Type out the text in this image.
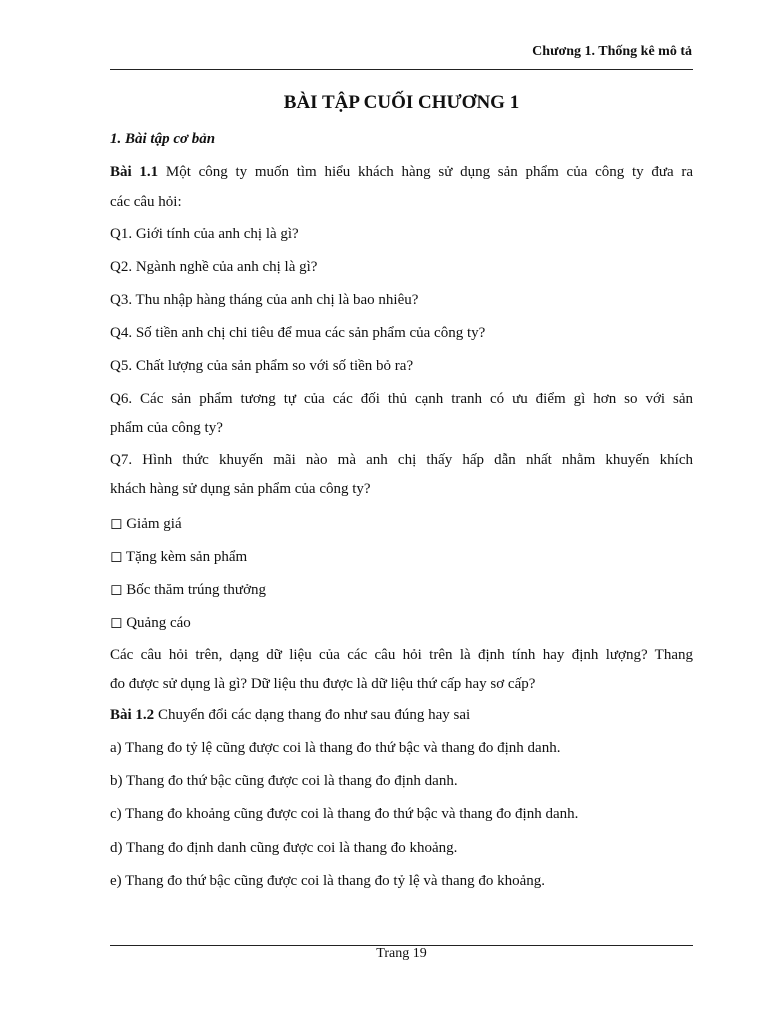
Chương 1. Thống kê mô tả
BÀI TẬP CUỐI CHƯƠNG 1
1. Bài tập cơ bản
Bài 1.1 Một công ty muốn tìm hiểu khách hàng sử dụng sản phẩm của công ty đưa ra
các câu hỏi:
Q1. Giới tính của anh chị là gì?
Q2. Ngành nghề của anh chị là gì?
Q3. Thu nhập hàng tháng của anh chị là bao nhiêu?
Q4. Số tiền anh chị chi tiêu để mua các sản phẩm của công ty?
Q5. Chất lượng của sản phẩm so với số tiền bỏ ra?
Q6. Các sản phẩm tương tự của các đối thủ cạnh tranh có ưu điểm gì hơn so với sản
phẩm của công ty?
Q7. Hình thức khuyến mãi nào mà anh chị thấy hấp dẫn nhất nhằm khuyến khích
khách hàng sử dụng sản phẩm của công ty?
◻ Giảm giá
◻ Tặng kèm sản phẩm
◻ Bốc thăm trúng thưởng
◻ Quảng cáo
Các câu hỏi trên, dạng dữ liệu của các câu hỏi trên là định tính hay định lượng? Thang
đo được sử dụng là gì? Dữ liệu thu được là dữ liệu thứ cấp hay sơ cấp?
Bài 1.2 Chuyển đổi các dạng thang đo như sau đúng hay sai
a) Thang đo tỷ lệ cũng được coi là thang đo thứ bậc và thang đo định danh.
b) Thang đo thứ bậc cũng được coi là thang đo định danh.
c) Thang đo khoảng cũng được coi là thang đo thứ bậc và thang đo định danh.
d) Thang đo định danh cũng được coi là thang đo khoảng.
e) Thang đo thứ bậc cũng được coi là thang đo tỷ lệ và thang đo khoảng.
Trang 19
